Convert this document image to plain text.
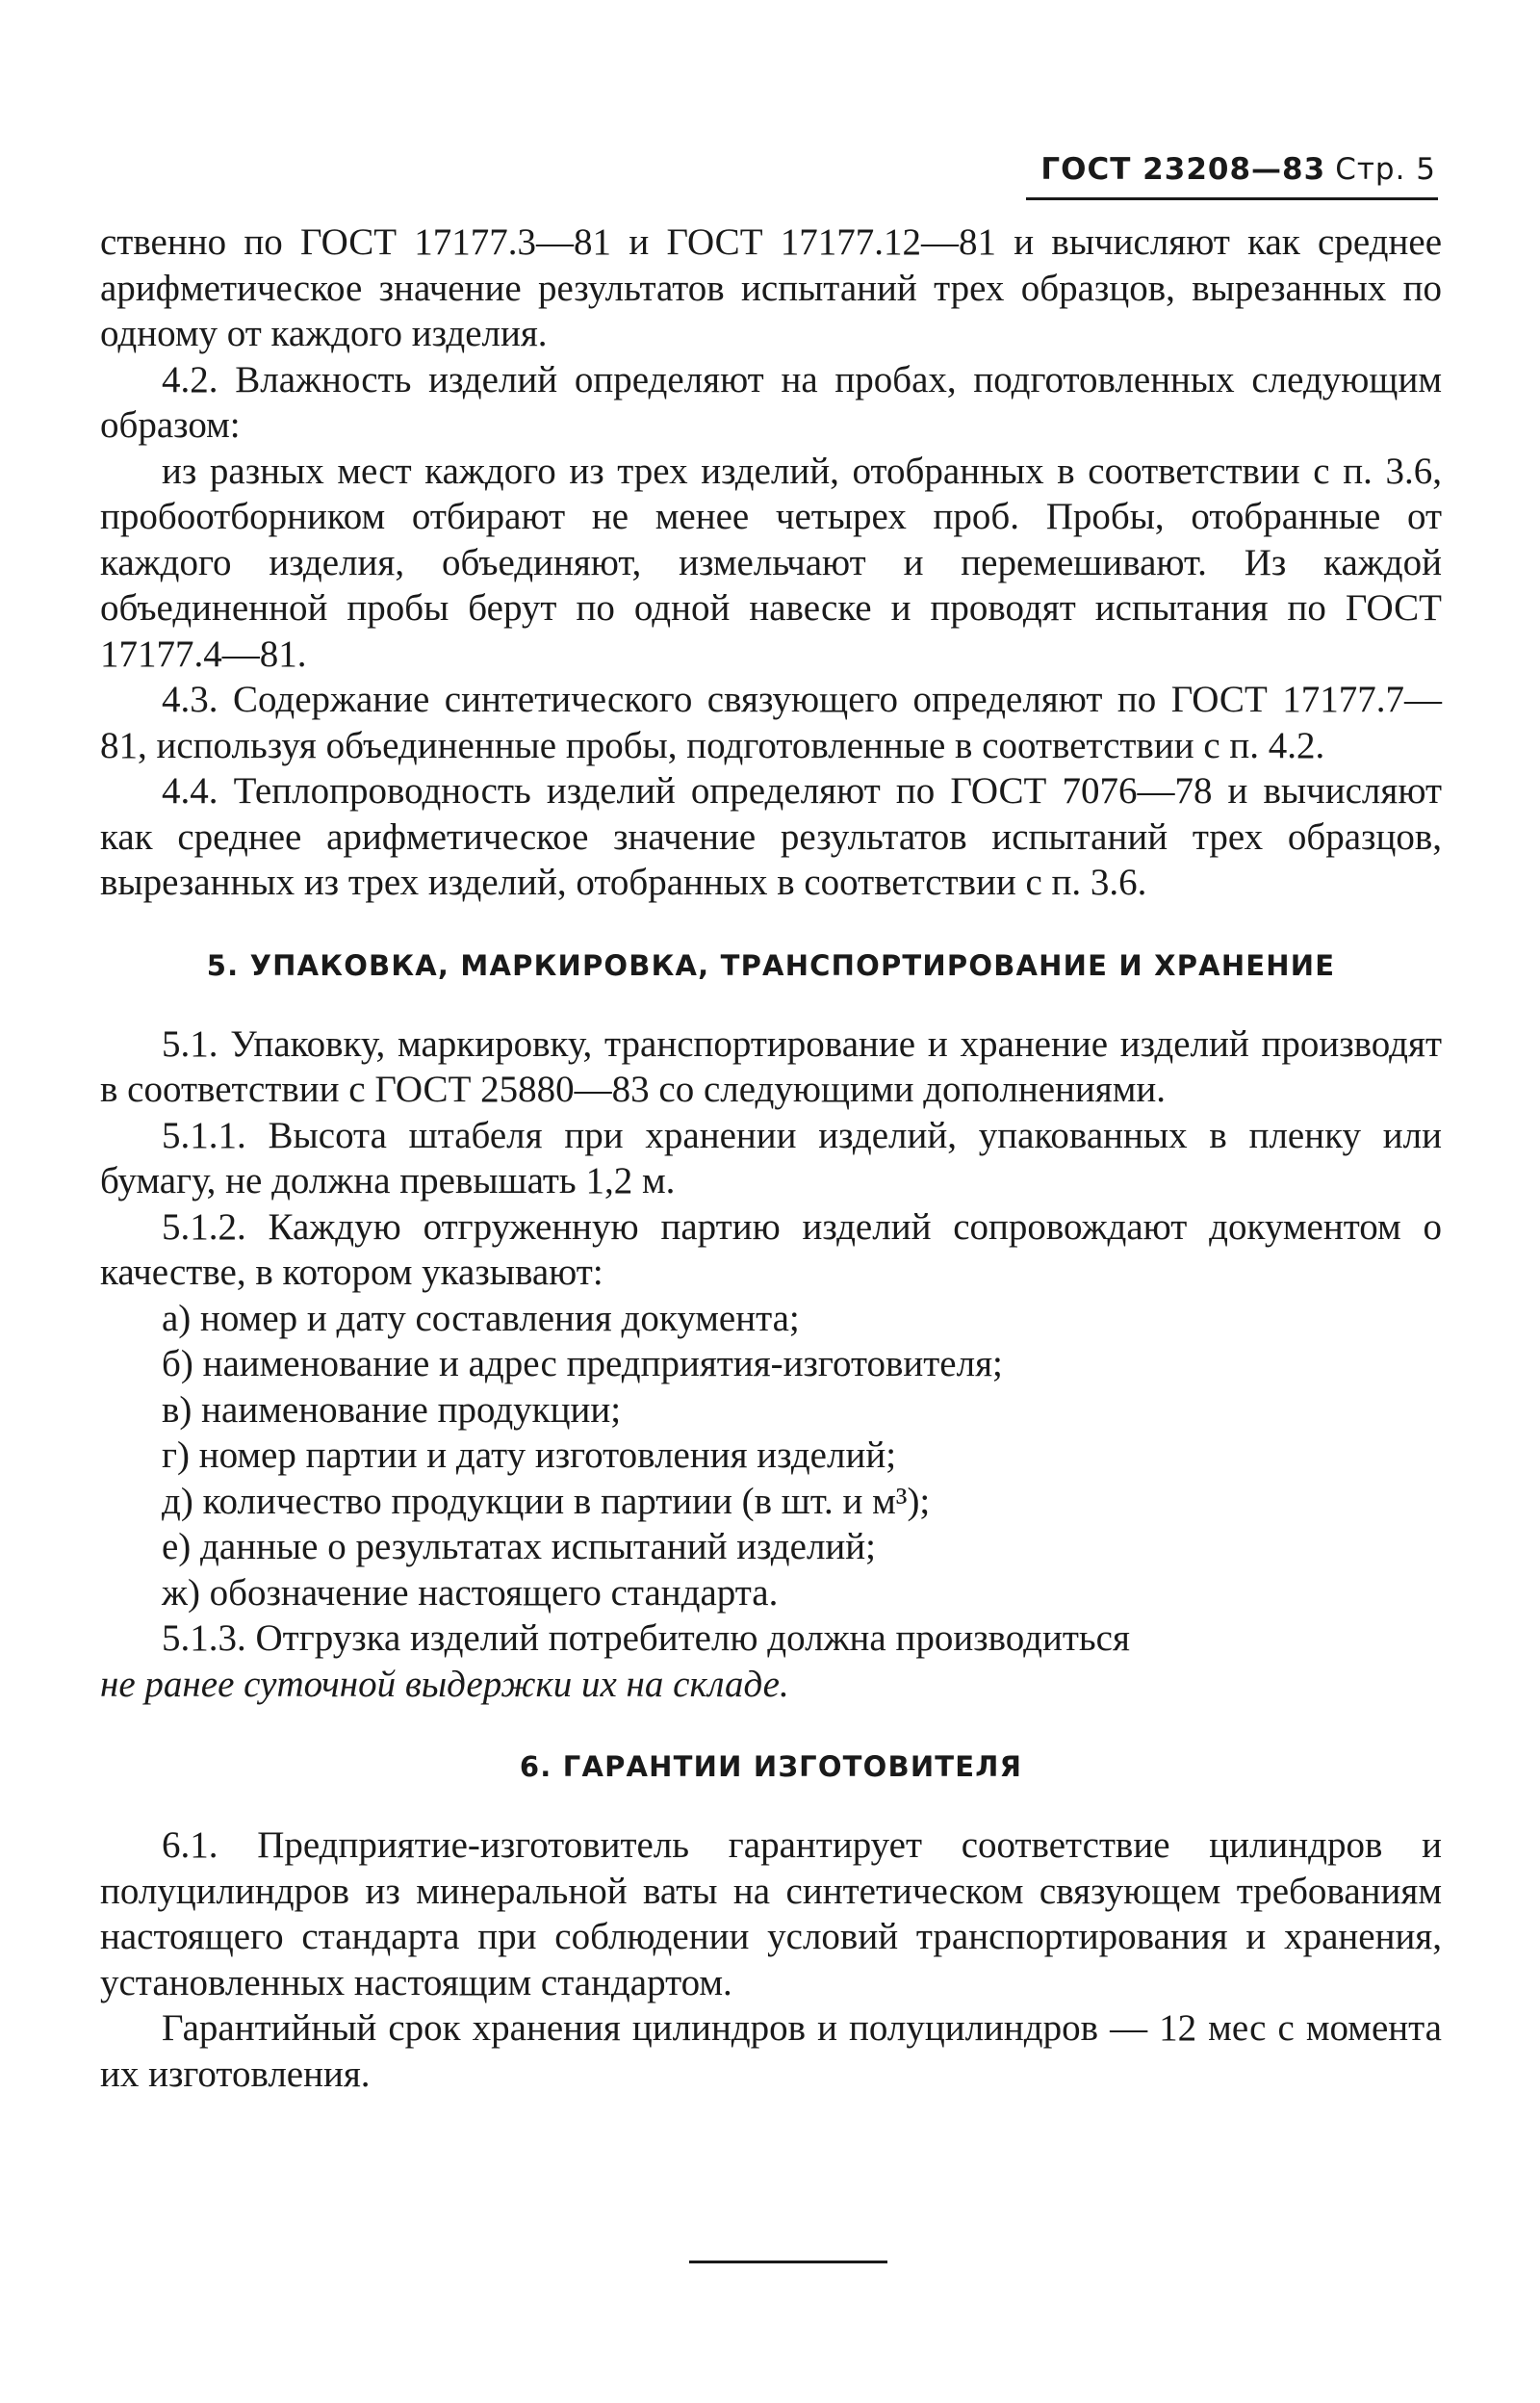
ГОСТ 23208—83 Стр. 5

ственно по ГОСТ 17177.3—81 и ГОСТ 17177.12—81 и вычисляют как среднее арифметическое значение результатов испытаний трех образцов, вырезанных по одному от каждого изделия.

4.2. Влажность изделий определяют на пробах, подготовленных следующим образом:

из разных мест каждого из трех изделий, отобранных в соответствии с п. 3.6, пробоотборником отбирают не менее четырех проб. Пробы, отобранные от каждого изделия, объединяют, измельчают и перемешивают. Из каждой объединенной пробы берут по одной навеске и проводят испытания по ГОСТ 17177.4—81.

4.3. Содержание синтетического связующего определяют по ГОСТ 17177.7—81, используя объединенные пробы, подготовленные в соответствии с п. 4.2.

4.4. Теплопроводность изделий определяют по ГОСТ 7076—78 и вычисляют как среднее арифметическое значение результатов испытаний трех образцов, вырезанных из трех изделий, отобранных в соответствии с п. 3.6.

5. УПАКОВКА, МАРКИРОВКА, ТРАНСПОРТИРОВАНИЕ И ХРАНЕНИЕ

5.1. Упаковку, маркировку, транспортирование и хранение изделий производят в соответствии с ГОСТ 25880—83 со следующими дополнениями.

5.1.1. Высота штабеля при хранении изделий, упакованных в пленку или бумагу, не должна превышать 1,2 м.

5.1.2. Каждую отгруженную партию изделий сопровождают документом о качестве, в котором указывают:

а) номер и дату составления документа;

б) наименование и адрес предприятия-изготовителя;

в) наименование продукции;

г) номер партии и дату изготовления изделий;

д) количество продукции в партиии (в шт. и м³);

е) данные о результатах испытаний изделий;

ж) обозначение настоящего стандарта.

5.1.3. Отгрузка изделий потребителю должна производиться

не ранее суточной выдержки их на складе.

6. ГАРАНТИИ ИЗГОТОВИТЕЛЯ

6.1. Предприятие-изготовитель гарантирует соответствие цилиндров и полуцилиндров из минеральной ваты на синтетическом связующем требованиям настоящего стандарта при соблюдении условий транспортирования и хранения, установленных настоящим стандартом.

Гарантийный срок хранения цилиндров и полуцилиндров — 12 мес с момента их изготовления.
